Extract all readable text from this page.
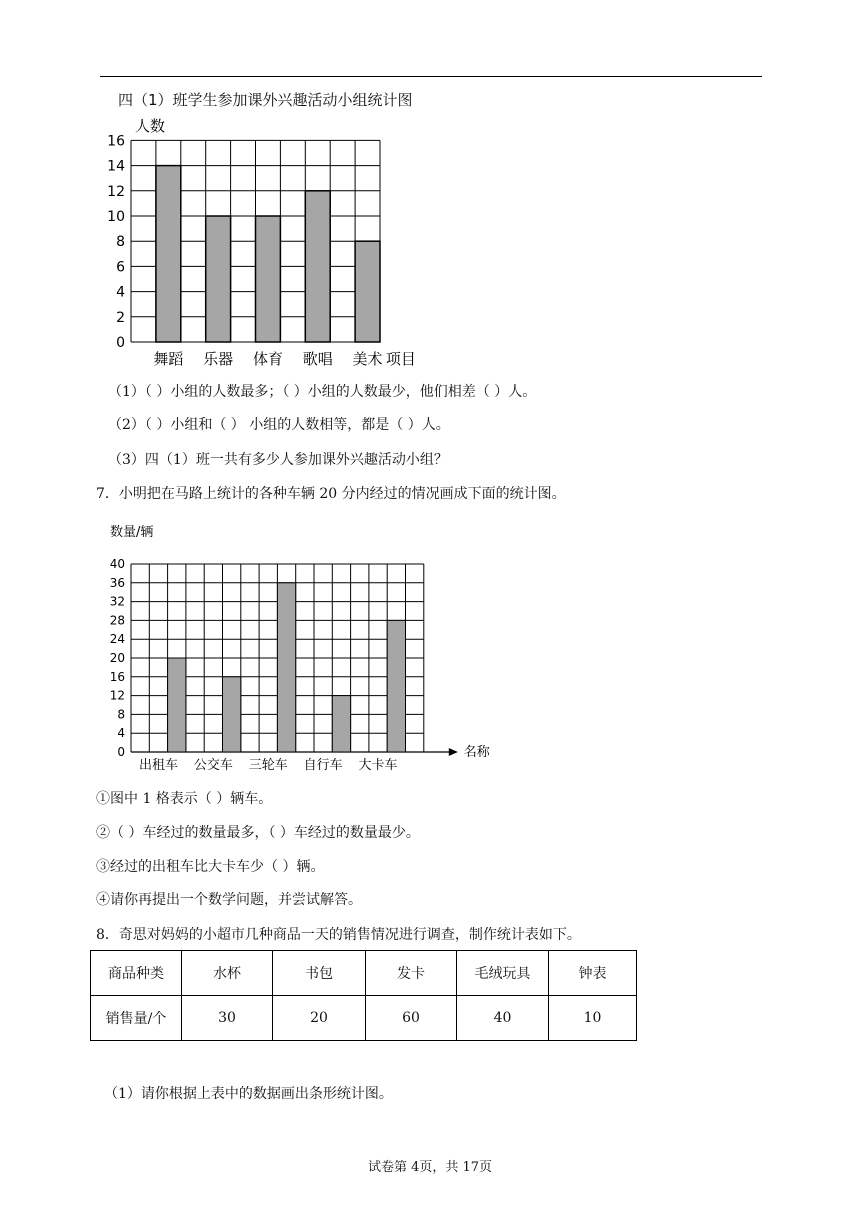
四（1）班学生参加课外兴趣活动小组统计图
0
2
4
6
8
10
12
14
16
人数
舞蹈 乐器 体育 歌唱 美术 项目
（1）（ ）小组的人数最多；（ ）小组的人数最少，他们相差（ ）人。
（2）（ ）小组和（ ） 小组的人数相等，都是（ ）人。
（3）四（1）班一共有多少人参加课外兴趣活动小组？
7．小明把在马路上统计的各种车辆 20 分内经过的情况画成下面的统计图。
0
4
8
12
16
20
24
28
32
36
40
名称
数量/辆
出租车 公交车 三轮车 自行车 大卡车
①图中 1 格表示（ ）辆车。
②（ ）车经过的数量最多，（ ）车经过的数量最少。
③经过的出租车比大卡车少（ ）辆。
④请你再提出一个数学问题，并尝试解答。
8．奇思对妈妈的小超市几种商品一天的销售情况进行调查，制作统计表如下。
商品种类	水杯	书包	发卡	毛绒玩具	钟表
销售量/个	30	20	60	40	10
（1）请你根据上表中的数据画出条形统计图。
试卷第 4页，共 17页
